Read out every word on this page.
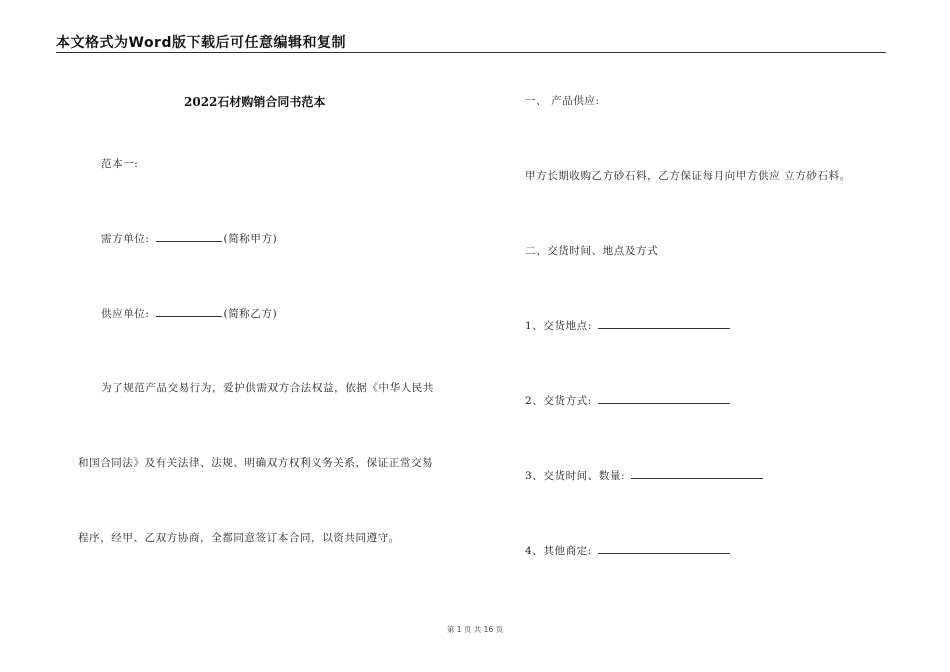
本文格式为Word版下载后可任意编辑和复制
2022石材购销合同书范本
范本一:
需方单位:	(简称甲方)
供应单位:	(简称乙方)
为了规范产品交易行为，爱护供需双方合法权益，依据《中华人民共
和国合同法》及有关法律、法规、明确双方权利义务关系，保证正常交易
程序，经甲、乙双方协商，全都同意签订本合同，以资共同遵守。
一、 产品供应:
甲方长期收购乙方砂石料，乙方保证每月向甲方供应 立方砂石料。
二、交货时间、地点及方式
1、交货地点:
2、交货方式:
3、交货时间、数量:
4、其他商定:
第 1 页 共 16 页
